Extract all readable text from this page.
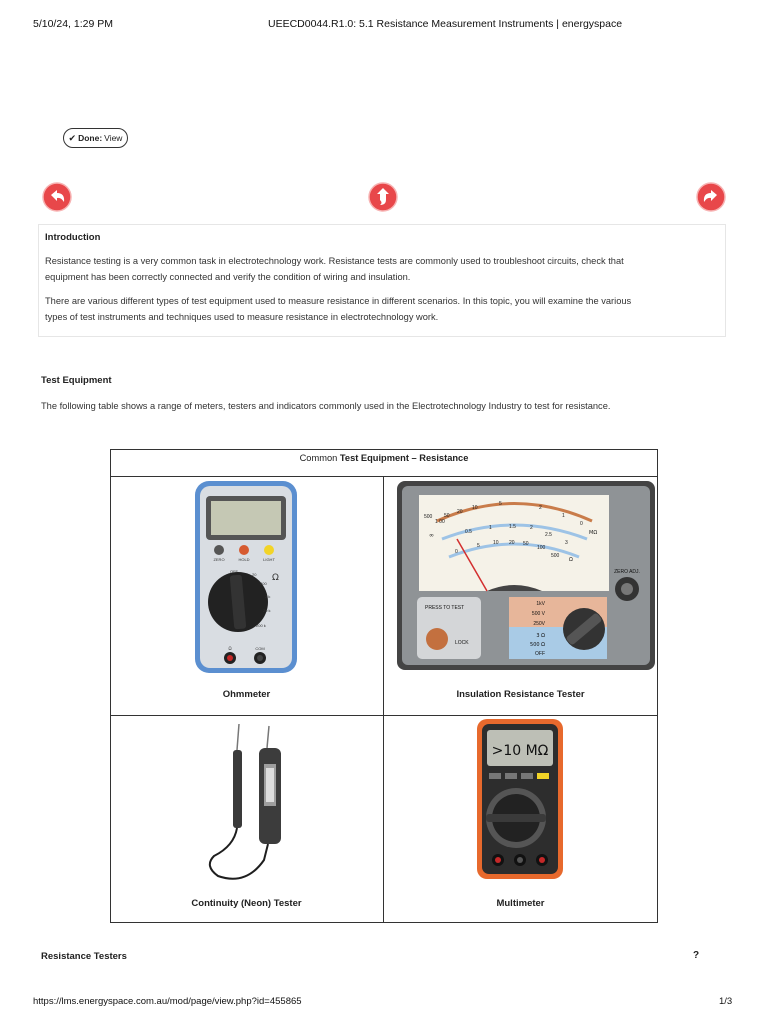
5/10/24, 1:29 PM	UEECD0044.R1.0: 5.1 Resistance Measurement Instruments | energyspace
✔ Done: View
Introduction
Resistance testing is a very common task in electrotechnology work. Resistance tests are commonly used to troubleshoot circuits, check that
equipment has been correctly connected and verify the condition of wiring and insulation.
There are various different types of test equipment used to measure resistance in different scenarios. In this topic, you will examine the various
types of test instruments and techniques used to measure resistance in electrotechnology work.
Test Equipment
The following table shows a range of meters, testers and indicators commonly used in the Electrotechnology Industry to test for resistance.
Common Test Equipment – Resistance
ZERO	HOLD	LIGHT
OFF
20
200
2 k
20 k
200 k
Ω
Ω	COM
Ohmmeter
500
1 00
50
20
10
5
2
1
0
MΩ
∞	0.5
1	1.5	2
2.5
3
0
5	10 20 50
100
500
Ω
ZERO ADJ.
PRESS TO TEST
LOCK
1kV
500 V
250V
3 Ω
500 Ω
OFF
Insulation Resistance Tester
Continuity (Neon) Tester
>10 MΩ
Multimeter
Resistance Testers	?
https://lms.energyspace.com.au/mod/page/view.php?id=455865	1/3
